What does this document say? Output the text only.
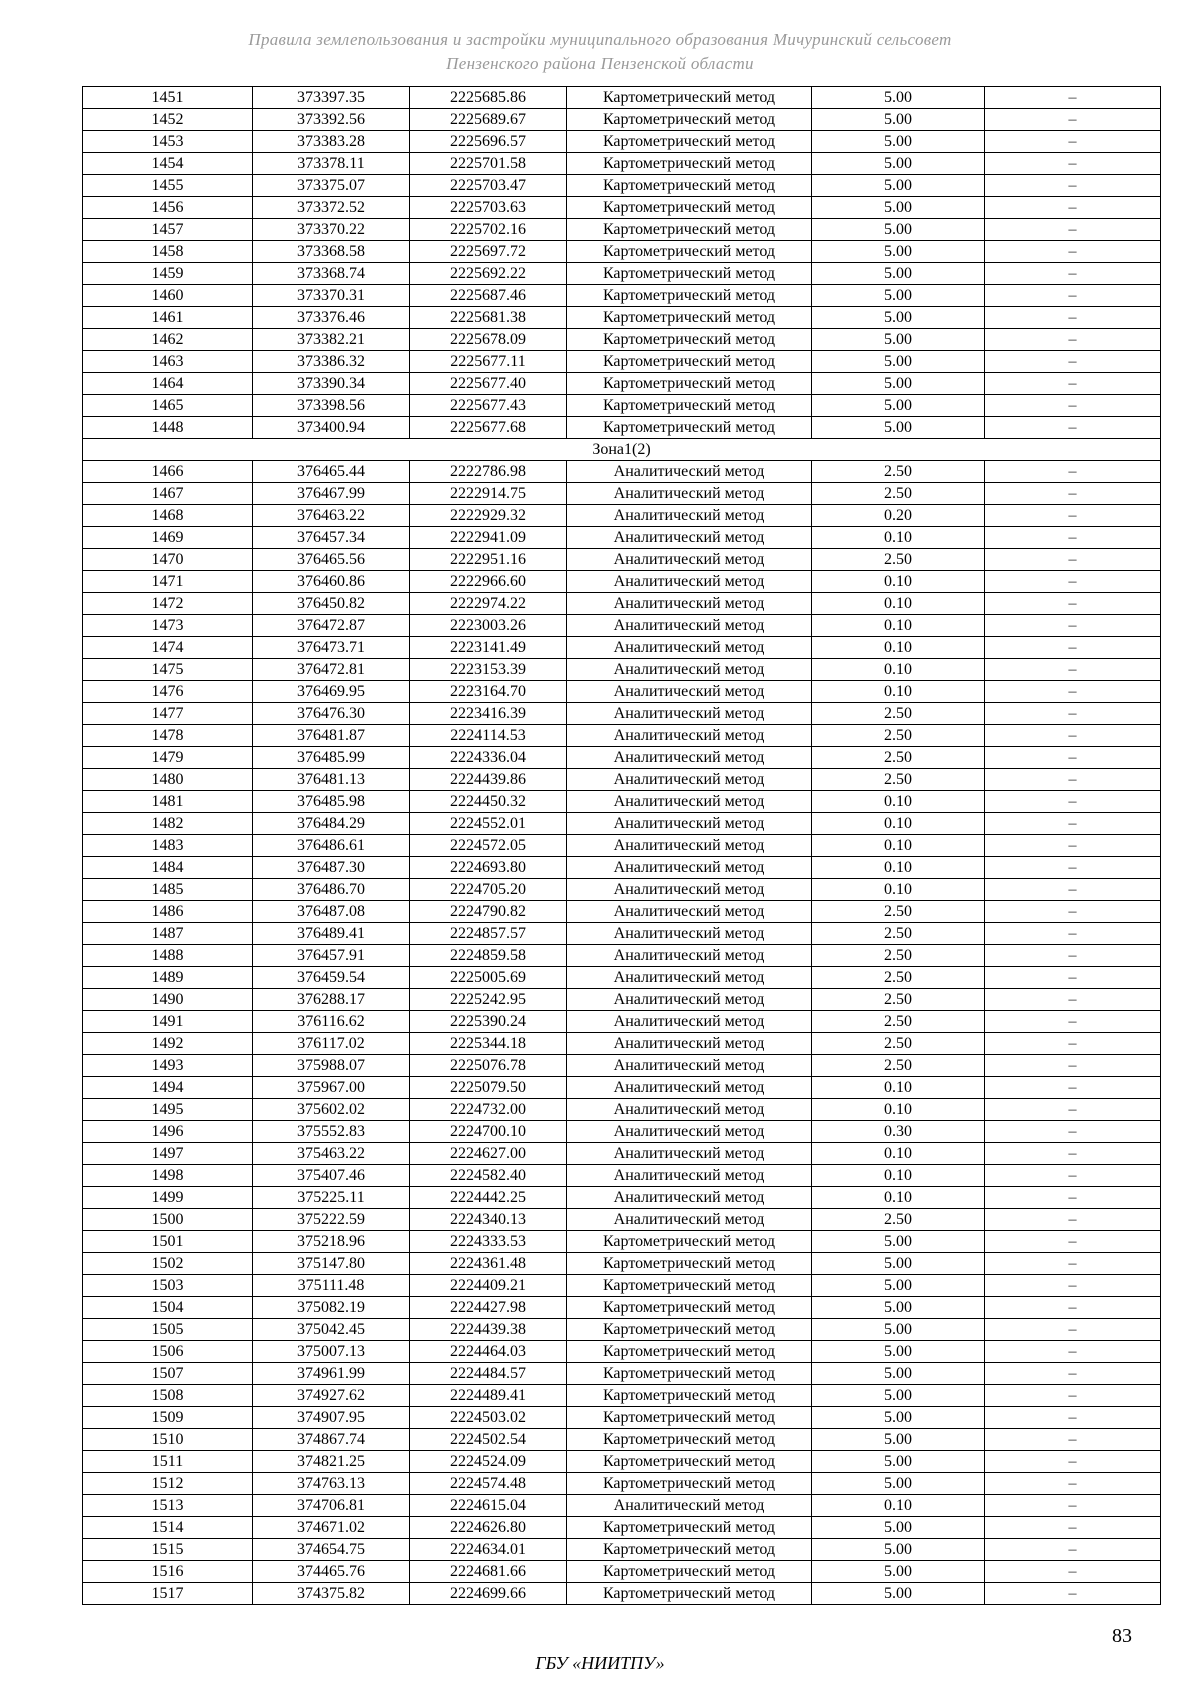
Правила землепользования и застройки муниципального образования Мичуринский сельсовет
Пензенского района Пензенской области
1451	373397.35	2225685.86	Картометрический метод	5.00	–
1452	373392.56	2225689.67	Картометрический метод	5.00	–
1453	373383.28	2225696.57	Картометрический метод	5.00	–
1454	373378.11	2225701.58	Картометрический метод	5.00	–
1455	373375.07	2225703.47	Картометрический метод	5.00	–
1456	373372.52	2225703.63	Картометрический метод	5.00	–
1457	373370.22	2225702.16	Картометрический метод	5.00	–
1458	373368.58	2225697.72	Картометрический метод	5.00	–
1459	373368.74	2225692.22	Картометрический метод	5.00	–
1460	373370.31	2225687.46	Картометрический метод	5.00	–
1461	373376.46	2225681.38	Картометрический метод	5.00	–
1462	373382.21	2225678.09	Картометрический метод	5.00	–
1463	373386.32	2225677.11	Картометрический метод	5.00	–
1464	373390.34	2225677.40	Картометрический метод	5.00	–
1465	373398.56	2225677.43	Картометрический метод	5.00	–
1448	373400.94	2225677.68	Картометрический метод	5.00	–
Зона1(2)					
1466	376465.44	2222786.98	Аналитический метод	2.50	–
1467	376467.99	2222914.75	Аналитический метод	2.50	–
1468	376463.22	2222929.32	Аналитический метод	0.20	–
1469	376457.34	2222941.09	Аналитический метод	0.10	–
1470	376465.56	2222951.16	Аналитический метод	2.50	–
1471	376460.86	2222966.60	Аналитический метод	0.10	–
1472	376450.82	2222974.22	Аналитический метод	0.10	–
1473	376472.87	2223003.26	Аналитический метод	0.10	–
1474	376473.71	2223141.49	Аналитический метод	0.10	–
1475	376472.81	2223153.39	Аналитический метод	0.10	–
1476	376469.95	2223164.70	Аналитический метод	0.10	–
1477	376476.30	2223416.39	Аналитический метод	2.50	–
1478	376481.87	2224114.53	Аналитический метод	2.50	–
1479	376485.99	2224336.04	Аналитический метод	2.50	–
1480	376481.13	2224439.86	Аналитический метод	2.50	–
1481	376485.98	2224450.32	Аналитический метод	0.10	–
1482	376484.29	2224552.01	Аналитический метод	0.10	–
1483	376486.61	2224572.05	Аналитический метод	0.10	–
1484	376487.30	2224693.80	Аналитический метод	0.10	–
1485	376486.70	2224705.20	Аналитический метод	0.10	–
1486	376487.08	2224790.82	Аналитический метод	2.50	–
1487	376489.41	2224857.57	Аналитический метод	2.50	–
1488	376457.91	2224859.58	Аналитический метод	2.50	–
1489	376459.54	2225005.69	Аналитический метод	2.50	–
1490	376288.17	2225242.95	Аналитический метод	2.50	–
1491	376116.62	2225390.24	Аналитический метод	2.50	–
1492	376117.02	2225344.18	Аналитический метод	2.50	–
1493	375988.07	2225076.78	Аналитический метод	2.50	–
1494	375967.00	2225079.50	Аналитический метод	0.10	–
1495	375602.02	2224732.00	Аналитический метод	0.10	–
1496	375552.83	2224700.10	Аналитический метод	0.30	–
1497	375463.22	2224627.00	Аналитический метод	0.10	–
1498	375407.46	2224582.40	Аналитический метод	0.10	–
1499	375225.11	2224442.25	Аналитический метод	0.10	–
1500	375222.59	2224340.13	Аналитический метод	2.50	–
1501	375218.96	2224333.53	Картометрический метод	5.00	–
1502	375147.80	2224361.48	Картометрический метод	5.00	–
1503	375111.48	2224409.21	Картометрический метод	5.00	–
1504	375082.19	2224427.98	Картометрический метод	5.00	–
1505	375042.45	2224439.38	Картометрический метод	5.00	–
1506	375007.13	2224464.03	Картометрический метод	5.00	–
1507	374961.99	2224484.57	Картометрический метод	5.00	–
1508	374927.62	2224489.41	Картометрический метод	5.00	–
1509	374907.95	2224503.02	Картометрический метод	5.00	–
1510	374867.74	2224502.54	Картометрический метод	5.00	–
1511	374821.25	2224524.09	Картометрический метод	5.00	–
1512	374763.13	2224574.48	Картометрический метод	5.00	–
1513	374706.81	2224615.04	Аналитический метод	0.10	–
1514	374671.02	2224626.80	Картометрический метод	5.00	–
1515	374654.75	2224634.01	Картометрический метод	5.00	–
1516	374465.76	2224681.66	Картометрический метод	5.00	–
1517	374375.82	2224699.66	Картометрический метод	5.00	–
83
ГБУ «НИИТПУ»
